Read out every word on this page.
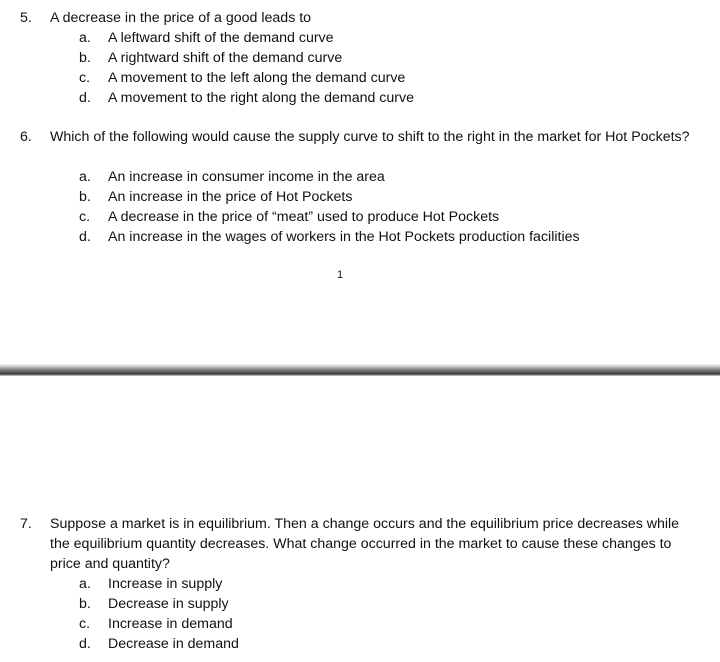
5. A decrease in the price of a good leads to
a. A leftward shift of the demand curve
b. A rightward shift of the demand curve
c. A movement to the left along the demand curve
d. A movement to the right along the demand curve
6. Which of the following would cause the supply curve to shift to the right in the market for Hot Pockets?
a. An increase in consumer income in the area
b. An increase in the price of Hot Pockets
c. A decrease in the price of “meat” used to produce Hot Pockets
d. An increase in the wages of workers in the Hot Pockets production facilities
1
7. Suppose a market is in equilibrium. Then a change occurs and the equilibrium price decreases while the equilibrium quantity decreases. What change occurred in the market to cause these changes to price and quantity?
a. Increase in supply
b. Decrease in supply
c. Increase in demand
d. Decrease in demand
